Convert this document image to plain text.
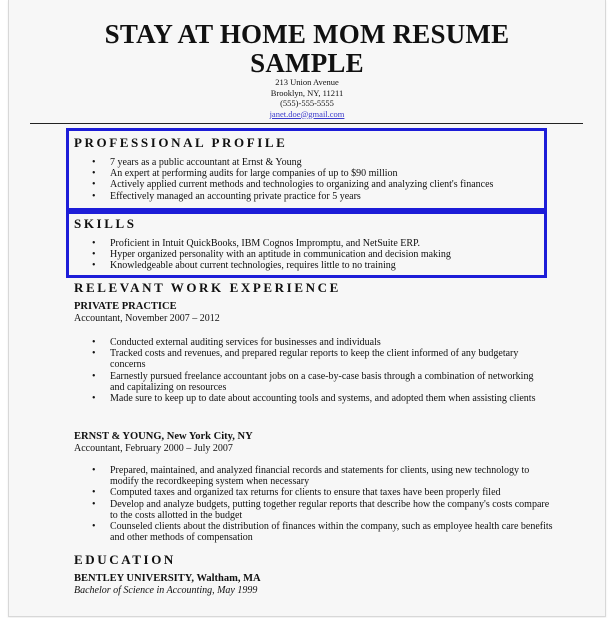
STAY AT HOME MOM RESUME
SAMPLE
213 Union Avenue
Brooklyn, NY, 11211
(555)-555-5555
janet.doe@gmail.com
PROFESSIONAL PROFILE
• 7 years as a public accountant at Ernst & Young
• An expert at performing audits for large companies of up to $90 million
• Actively applied current methods and technologies to organizing and analyzing client's finances
• Effectively managed an accounting private practice for 5 years
SKILLS
• Proficient in Intuit QuickBooks, IBM Cognos Impromptu, and NetSuite ERP.
• Hyper organized personality with an aptitude in communication and decision making
• Knowledgeable about current technologies, requires little to no training
RELEVANT WORK EXPERIENCE
PRIVATE PRACTICE
Accountant, November 2007 – 2012
• Conducted external auditing services for businesses and individuals
• Tracked costs and revenues, and prepared regular reports to keep the client informed of any budgetary concerns
• Earnestly pursued freelance accountant jobs on a case-by-case basis through a combination of networking and capitalizing on resources
• Made sure to keep up to date about accounting tools and systems, and adopted them when assisting clients
ERNST & YOUNG, New York City, NY
Accountant, February 2000 – July 2007
• Prepared, maintained, and analyzed financial records and statements for clients, using new technology to modify the recordkeeping system when necessary
• Computed taxes and organized tax returns for clients to ensure that taxes have been properly filed
• Develop and analyze budgets, putting together regular reports that describe how the company's costs compare to the costs allotted in the budget
• Counseled clients about the distribution of finances within the company, such as employee health care benefits and other methods of compensation
EDUCATION
BENTLEY UNIVERSITY, Waltham, MA
Bachelor of Science in Accounting, May 1999
